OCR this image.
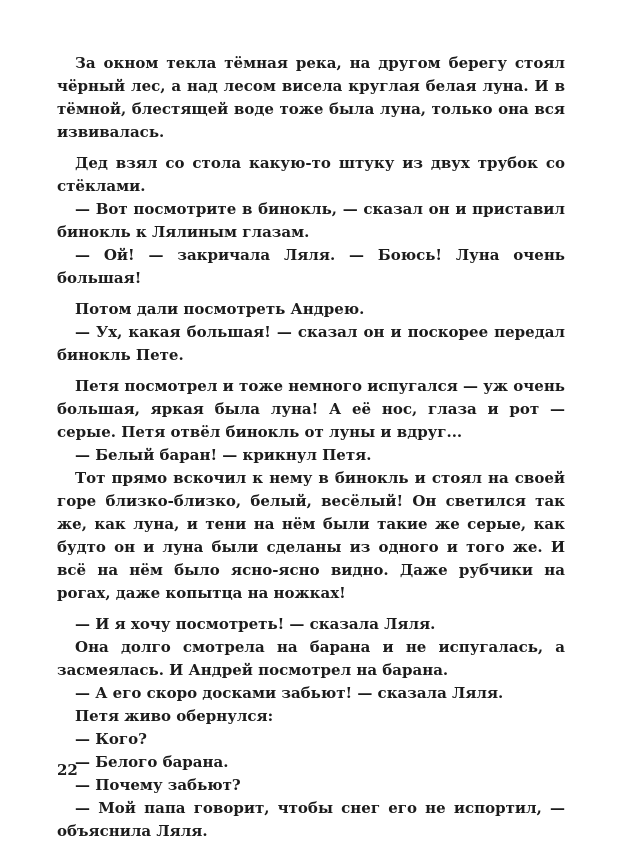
За окном текла тёмная река, на другом берегу стоял чёрный лес, а над лесом висела круглая белая луна. И в тёмной, блестящей воде тоже была луна, только она вся извивалась.

Дед взял со стола какую-то штуку из двух трубок со стёклами.

— Вот посмотрите в бинокль, — сказал он и приставил бинокль к Лялиным глазам.

— Ой! — закричала Ляля. — Боюсь! Луна очень большая!

Потом дали посмотреть Андрею.

— Ух, какая большая! — сказал он и поскорее передал бинокль Пете.

Петя посмотрел и тоже немного испугался — уж очень большая, яркая была луна! А её нос, глаза и рот — серые. Петя отвёл бинокль от луны и вдруг...

— Белый баран! — крикнул Петя.

Тот прямо вскочил к нему в бинокль и стоял на своей горе близко-близко, белый, весёлый! Он светился так же, как луна, и тени на нём были такие же серые, как будто он и луна были сделаны из одного и того же. И всё на нём было ясно-ясно видно. Даже рубчики на рогах, даже копытца на ножках!

— И я хочу посмотреть! — сказала Ляля.

Она долго смотрела на барана и не испугалась, а засмеялась. И Андрей посмотрел на барана.

— А его скоро досками забьют! — сказала Ляля.

Петя живо обернулся:

— Кого?

— Белого барана.

— Почему забьют?

— Мой папа говорит, чтобы снег его не испортил, — объяснила Ляля.

22
